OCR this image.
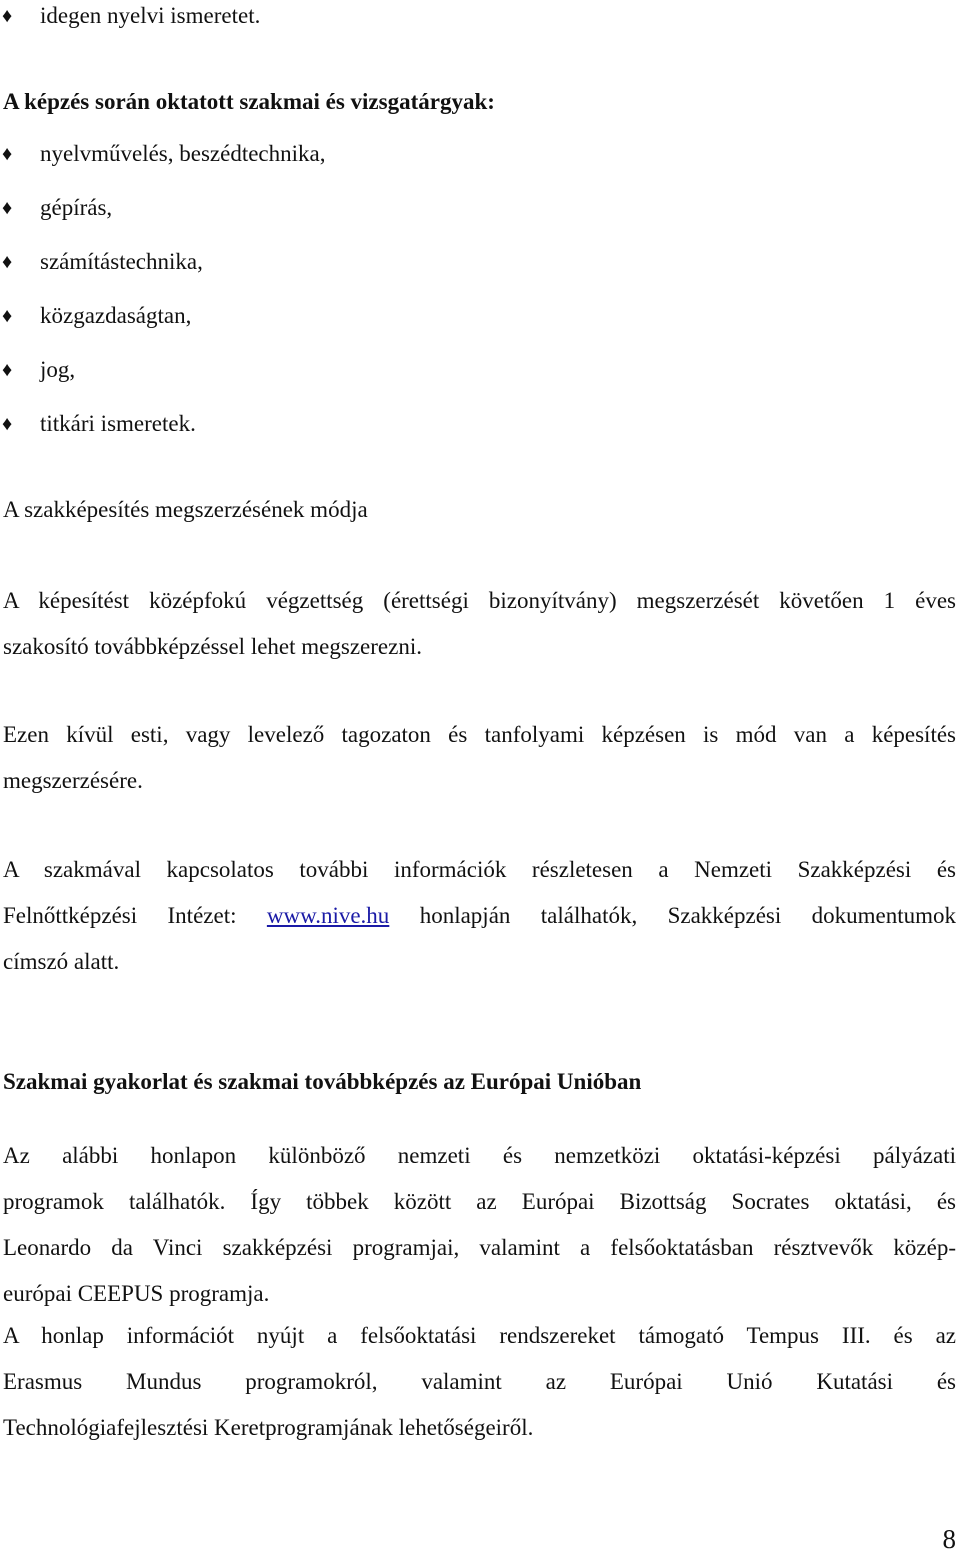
♦ idegen nyelvi ismeretet.
A képzés során oktatott szakmai és vizsgatárgyak:
♦ nyelvművelés, beszédtechnika,
♦ gépírás,
♦ számítástechnika,
♦ közgazdaságtan,
♦ jog,
♦ titkári ismeretek.
A szakképesítés megszerzésének módja
A képesítést középfokú végzettség (érettségi bizonyítvány) megszerzését követően 1 éves
szakosító továbbképzéssel lehet megszerezni.
Ezen kívül esti, vagy levelező tagozaton és tanfolyami képzésen is mód van a képesítés
megszerzésére.
A szakmával kapcsolatos további információk részletesen a Nemzeti Szakképzési és
Felnőttképzési Intézet: www.nive.hu honlapján találhatók, Szakképzési dokumentumok
címszó alatt.
Szakmai gyakorlat és szakmai továbbképzés az Európai Unióban
Az alábbi honlapon különböző nemzeti és nemzetközi oktatási-képzési pályázati
programok találhatók. Így többek között az Európai Bizottság Socrates oktatási, és
Leonardo da Vinci szakképzési programjai, valamint a felsőoktatásban résztvevők közép-
európai CEEPUS programja.
A honlap információt nyújt a felsőoktatási rendszereket támogató Tempus III. és az
Erasmus Mundus programokról, valamint az Európai Unió Kutatási és
Technológiafejlesztési Keretprogramjának lehetőségeiről.
8
